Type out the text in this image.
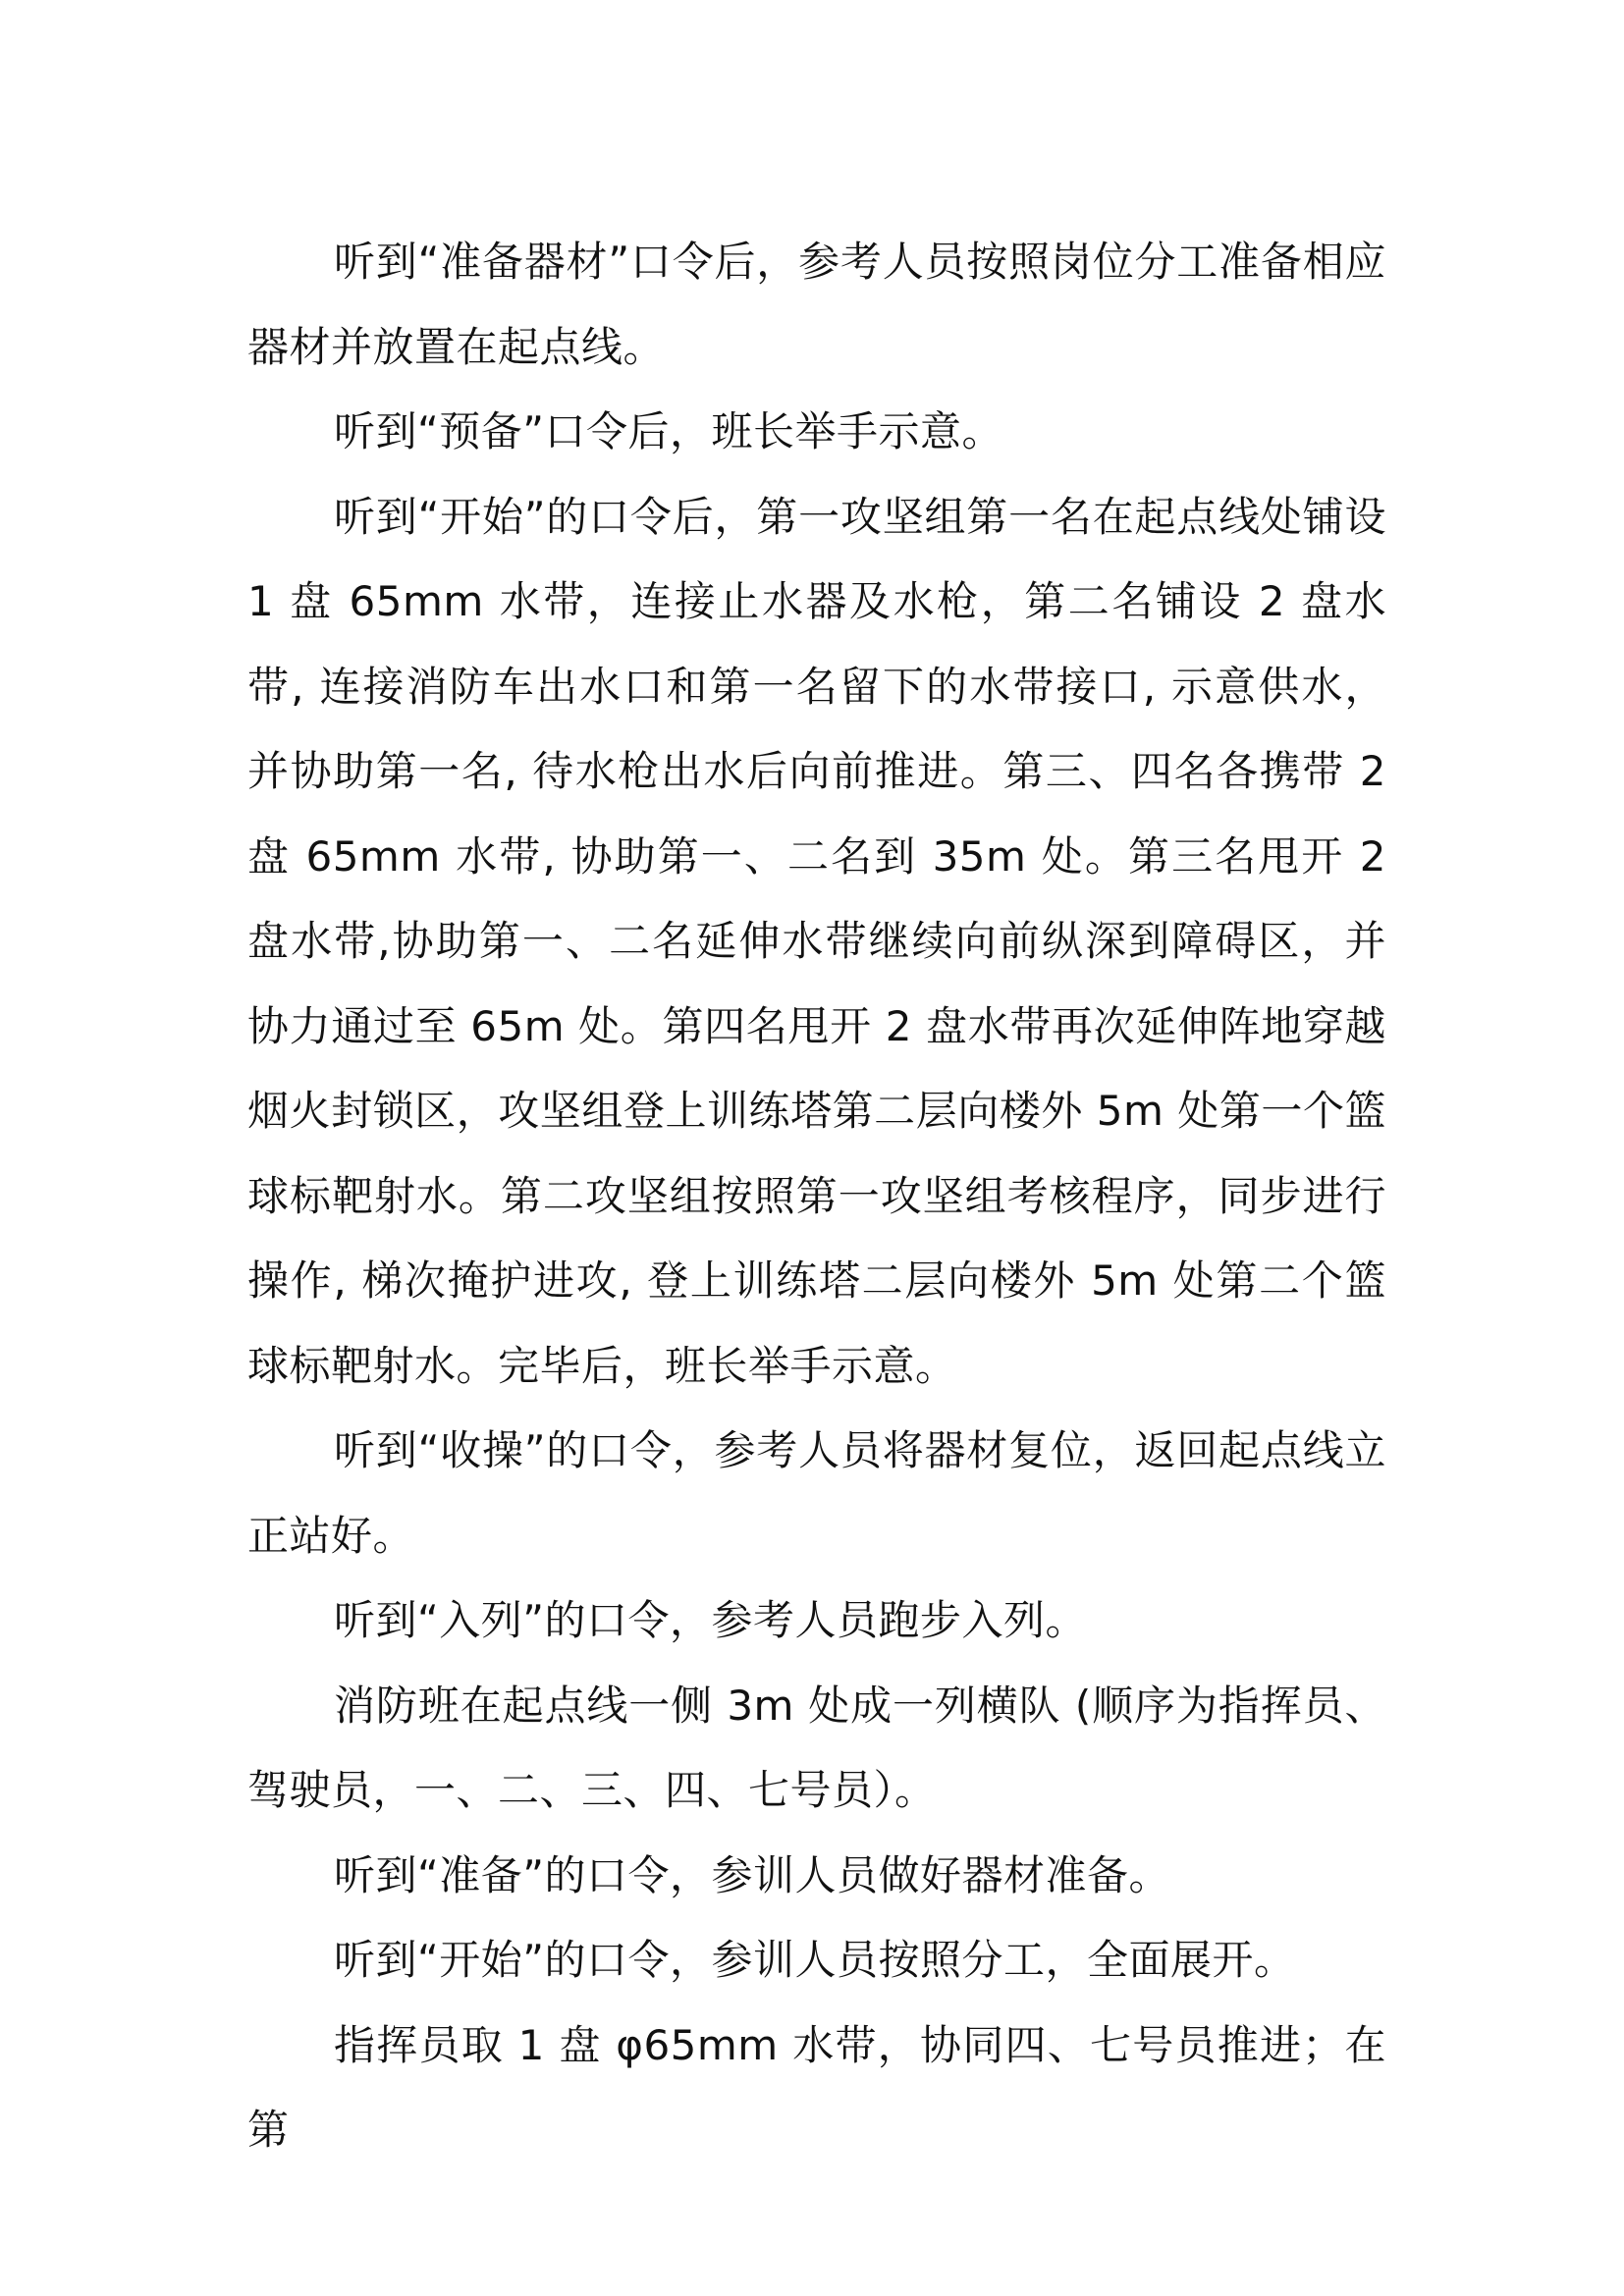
听到“准备器材”口令后，参考人员按照岗位分工准备相应器材并放置在起点线。

听到“预备”口令后，班长举手示意。

听到“开始”的口令后，第一攻坚组第一名在起点线处铺设 1 盘 65mm 水带，连接止水器及水枪，第二名铺设 2 盘水带, 连接消防车出水口和第一名留下的水带接口, 示意供水，并协助第一名, 待水枪出水后向前推进。第三、四名各携带 2 盘 65mm 水带, 协助第一、二名到 35m 处。第三名甩开 2 盘水带,协助第一、二名延伸水带继续向前纵深到障碍区，并协力通过至 65m 处。第四名甩开 2 盘水带再次延伸阵地穿越烟火封锁区，攻坚组登上训练塔第二层向楼外 5m 处第一个篮球标靶射水。第二攻坚组按照第一攻坚组考核程序，同步进行操作, 梯次掩护进攻, 登上训练塔二层向楼外 5m 处第二个篮球标靶射水。完毕后，班长举手示意。

听到“收操”的口令，参考人员将器材复位，返回起点线立正站好。

听到“入列”的口令，参考人员跑步入列。

消防班在起点线一侧 3m 处成一列横队 (顺序为指挥员、驾驶员，一、二、三、四、七号员）。

听到“准备”的口令，参训人员做好器材准备。

听到“开始”的口令，参训人员按照分工，全面展开。

指挥员取 1 盘 φ65mm 水带，协同四、七号员推进；在第
